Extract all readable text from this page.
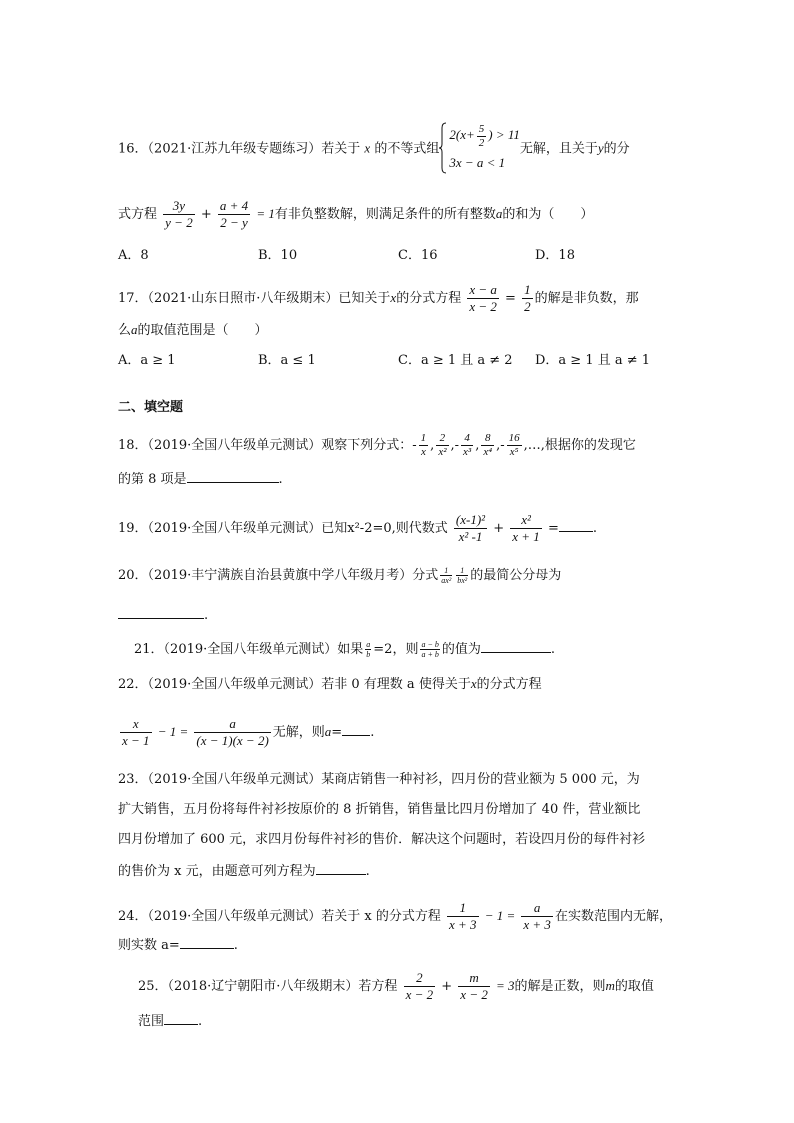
16．（2021·江苏九年级专题练习）若关于 x 的不等式组
$2(x+ \frac{5}{2}$ ) > 11
3x − a < 1
无解，且关于y的分
式方程 $\frac{3y}{y - 2} + \frac{a + 4}{2 - y} = 1$有非负整数解，则满足条件的所有整数a的和为（　　）
A．8	B．10	C．16	D．18
17．（2021·山东日照市·八年级期末）已知关于x的分式方程 $\frac{x - a}{x - 2} = \frac{1}{2}$ 的解是非负数，那
么a的取值范围是（　　）
A．a ≥ 1	B．a ≤ 1	C．a ≥ 1 且 a ≠ 2 D．a ≥ 1 且 a ≠ 1
二、填空题
18．（2019·全国八年级单元测试）观察下列分式：- $\frac{1}{x}$ , $\frac{2}{\text{x²}}$ ,- $\frac{4}{\text{x³}}$ , $\frac{8}{\text{x⁴}}$ ,- $\frac{16}{\text{x⁵}}$ ,…,根据你的发现它
的第 8 项是	.
19．（2019·全国八年级单元测试）已知x²-2=0,则代数式 $\frac{\text{(x-1)²}}{\text{x² -1}} + \frac{\text{x²}}{x + 1}$ =	.
20．（2019·丰宁满族自治县黄旗中学八年级月考）分式 $\frac{1}{\text{ax²}} \frac{1}{\text{bx²}}$ 的最简公分母为
.
21．（2019·全国八年级单元测试）如果 $\frac{a}{b} =2$，则 $\frac{a - b}{a + b}$ 的值为	.
22．（2019·全国八年级单元测试）若非 0 有理数 a 使得关于x的分式方程
$\frac{x}{x - 1} - 1 = \frac{a}{(x - 1)(x - 2)}$ 无解，则a= .
23．（2019·全国八年级单元测试）某商店销售一种衬衫，四月份的营业额为 5 000 元，为
扩大销售，五月份将每件衬衫按原价的 8 折销售，销售量比四月份增加了 40 件，营业额比
四月份增加了 600 元，求四月份每件衬衫的售价．解决这个问题时，若设四月份的每件衬衫
的售价为 x 元，由题意可列方程为	.
24．（2019·全国八年级单元测试）若关于 x 的分式方程 $\frac{1}{x + 3} - 1 = \frac{a}{x + 3}$ 在实数范围内无解，
则实数 a=	.
25．（2018·辽宁朝阳市·八年级期末）若方程 $\frac{2}{x - 2} + \frac{m}{x - 2} = 3$的解是正数，则m的取值
范围	.
